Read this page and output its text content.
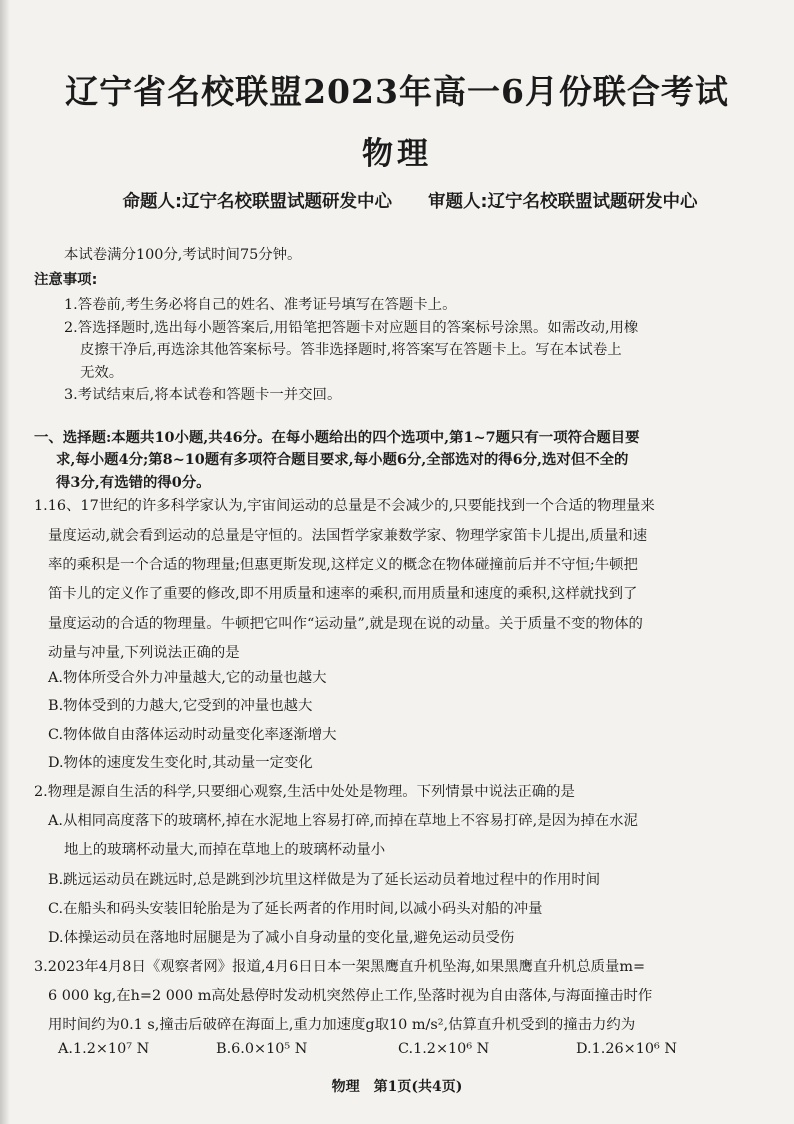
辽宁省名校联盟2023年高一6月份联合考试
物理
命题人:辽宁名校联盟试题研发中心 审题人:辽宁名校联盟试题研发中心
本试卷满分100分,考试时间75分钟。
注意事项:
1.答卷前,考生务必将自己的姓名、准考证号填写在答题卡上。
2.答选择题时,选出每小题答案后,用铅笔把答题卡对应题目的答案标号涂黑。如需改动,用橡
皮擦干净后,再选涂其他答案标号。答非选择题时,将答案写在答题卡上。写在本试卷上
无效。
3.考试结束后,将本试卷和答题卡一并交回。
一、选择题:本题共10小题,共46分。在每小题给出的四个选项中,第1~7题只有一项符合题目要
求,每小题4分;第8~10题有多项符合题目要求,每小题6分,全部选对的得6分,选对但不全的
得3分,有选错的得0分。
1.16、17世纪的许多科学家认为,宇宙间运动的总量是不会减少的,只要能找到一个合适的物理量来
量度运动,就会看到运动的总量是守恒的。法国哲学家兼数学家、物理学家笛卡儿提出,质量和速
率的乘积是一个合适的物理量;但惠更斯发现,这样定义的概念在物体碰撞前后并不守恒;牛顿把
笛卡儿的定义作了重要的修改,即不用质量和速率的乘积,而用质量和速度的乘积,这样就找到了
量度运动的合适的物理量。牛顿把它叫作“运动量”,就是现在说的动量。关于质量不变的物体的
动量与冲量,下列说法正确的是
A.物体所受合外力冲量越大,它的动量也越大
B.物体受到的力越大,它受到的冲量也越大
C.物体做自由落体运动时动量变化率逐渐增大
D.物体的速度发生变化时,其动量一定变化
2.物理是源自生活的科学,只要细心观察,生活中处处是物理。下列情景中说法正确的是
A.从相同高度落下的玻璃杯,掉在水泥地上容易打碎,而掉在草地上不容易打碎,是因为掉在水泥
地上的玻璃杯动量大,而掉在草地上的玻璃杯动量小
B.跳远运动员在跳远时,总是跳到沙坑里这样做是为了延长运动员着地过程中的作用时间
C.在船头和码头安装旧轮胎是为了延长两者的作用时间,以减小码头对船的冲量
D.体操运动员在落地时屈腿是为了减小自身动量的变化量,避免运动员受伤
3.2023年4月8日《观察者网》报道,4月6日日本一架黑鹰直升机坠海,如果黑鹰直升机总质量m=
6 000 kg,在h=2 000 m高处悬停时发动机突然停止工作,坠落时视为自由落体,与海面撞击时作
用时间约为0.1 s,撞击后破碎在海面上,重力加速度g取10 m/s²,估算直升机受到的撞击力约为
A.1.2×10⁷ N	B.6.0×10⁵ N	C.1.2×10⁶ N	D.1.26×10⁶ N
物理 第1页(共4页)
